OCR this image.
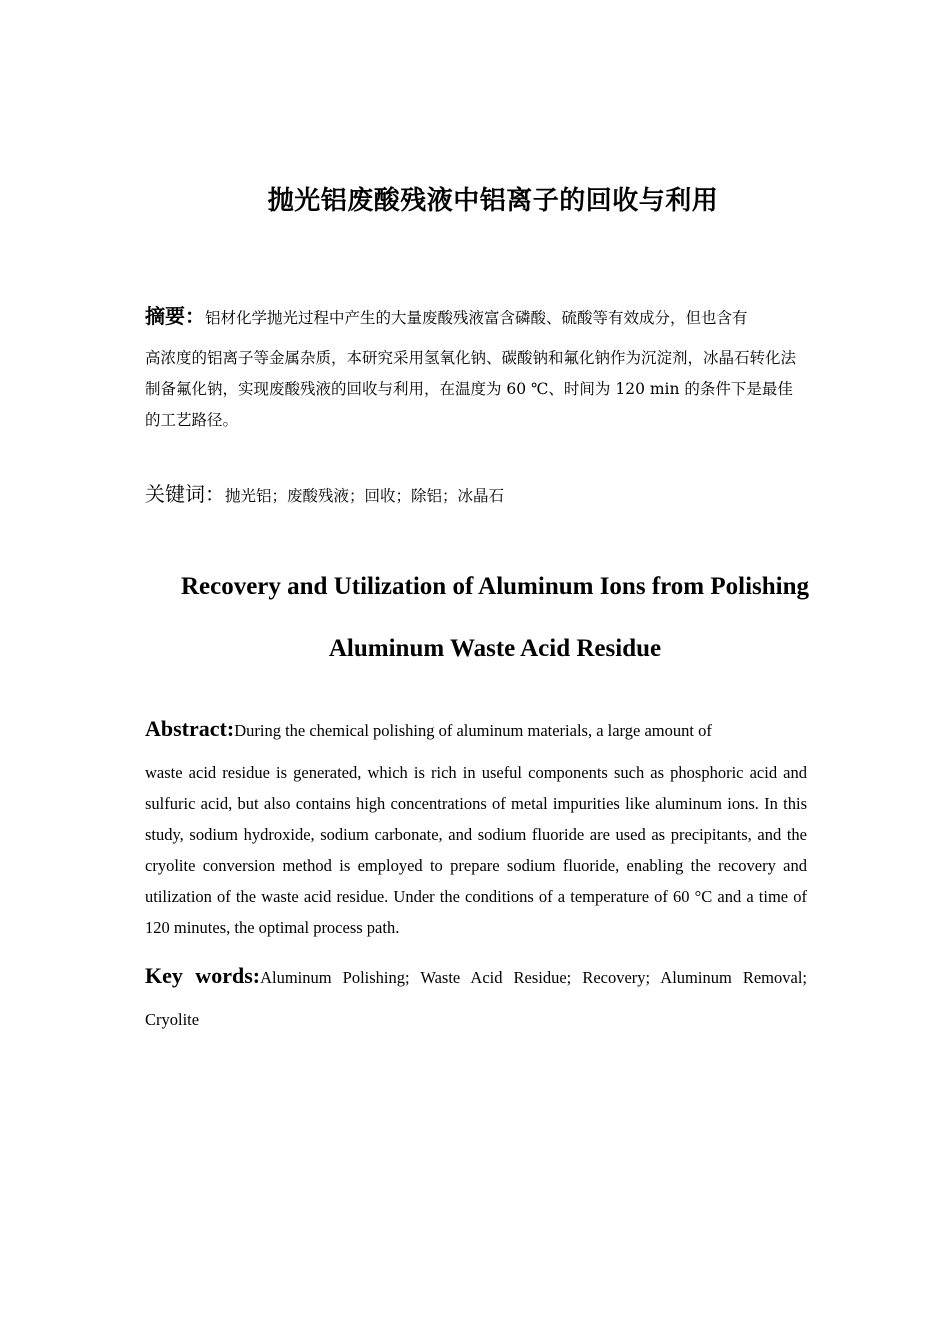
抛光铝废酸残液中铝离子的回收与利用

摘要：铝材化学抛光过程中产生的大量废酸残液富含磷酸、硫酸等有效成分，但也含有
高浓度的铝离子等金属杂质，本研究采用氢氧化钠、碳酸钠和氟化钠作为沉淀剂，冰晶石转化法制备氟化钠，实现废酸残液的回收与利用，在温度为 60 ℃、时间为 120 min 的条件下是最佳的工艺路径。

关键词：抛光铝；废酸残液；回收；除铝；冰晶石

Recovery and Utilization of Aluminum Ions from Polishing
Aluminum Waste Acid Residue

Abstract:During the chemical polishing of aluminum materials, a large amount of
waste acid residue is generated, which is rich in useful components such as phosphoric acid and sulfuric acid, but also contains high concentrations of metal impurities like aluminum ions. In this study, sodium hydroxide, sodium carbonate, and sodium fluoride are used as precipitants, and the cryolite conversion method is employed to prepare sodium fluoride, enabling the recovery and utilization of the waste acid residue. Under the conditions of a temperature of 60 °C and a time of 120 minutes, the optimal process path.

Key words:Aluminum Polishing; Waste Acid Residue; Recovery; Aluminum Removal; Cryolite
